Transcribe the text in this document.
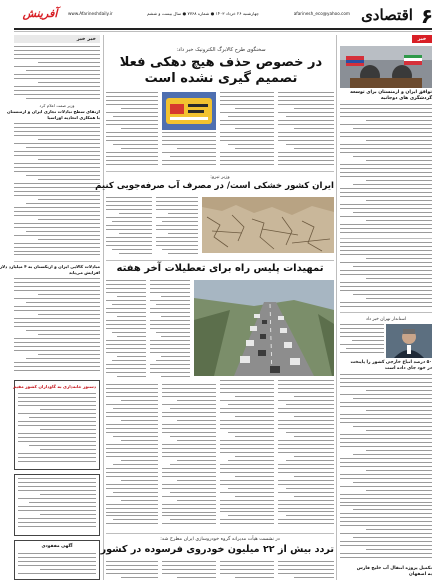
۶
اقتصادی
afarinesh_eco@yahoo.com
چهارشنبه ۲۶ خرداد ۱۴۰۳ ● شماره ۷۷۶۸ ● سال بیست و ششم
www.Afarineshdaily.ir
آفرینش
خبر
توافق ایران و ارمنستان برای توسعه
گردشگری های دوجانبه
استاندار تهران خبر داد
۵۰ درصد اتباع خارجی کشور را پایتخت
در خود جای داده است
تکمیل پروژه انتقال آب خلیج فارس
به اصفهان
خبر خبر
وزیر صمت اعلام کرد
ارتقای سطح تبادلات تجاری ایران و ارمنستان
با همکاری اتحادیه اوراسیا
مبادلات کالایی ایران و ازبکستان به ۴ میلیارد دلار
افزایش می‌یابد
دستور خانه‌داری به گاوداران کشور مقیم
آگهی مفقودی
سخنگوی طرح کالابرگ الکترونیک خبر داد:
در خصوص حذف هیچ دهکی فعلا
تصمیم گیری نشده است
وزیر نیرو:
ایران کشور خشکی است/ در مصرف آب صرفه‌جویی کنیم
تمهیدات پلیس راه برای تعطیلات آخر هفته
در نشست هیأت مدیرانه گروه خودروسازی ایران مطرح شد:
تردد بیش از ۲۲ میلیون خودروی فرسوده در کشور
